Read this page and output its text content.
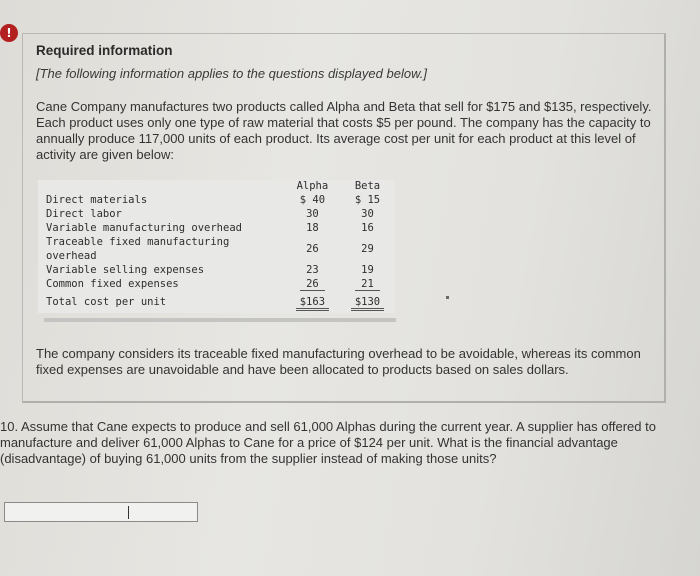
!
Required information

[The following information applies to the questions displayed below.]

Cane Company manufactures two products called Alpha and Beta that sell for $175 and $135, respectively. Each product uses only one type of raw material that costs $5 per pound. The company has the capacity to annually produce 117,000 units of each product. Its average cost per unit for each product at this level of activity are given below:

	Alpha	Beta
Direct materials	$ 40	$ 15
Direct labor	30	30
Variable manufacturing overhead	18	16
Traceable fixed manufacturing overhead	26	29
Variable selling expenses	23	19
Common fixed expenses	26	21
Total cost per unit	$163	$130

The company considers its traceable fixed manufacturing overhead to be avoidable, whereas its common fixed expenses are unavoidable and have been allocated to products based on sales dollars.

10. Assume that Cane expects to produce and sell 61,000 Alphas during the current year. A supplier has offered to manufacture and deliver 61,000 Alphas to Cane for a price of $124 per unit. What is the financial advantage (disadvantage) of buying 61,000 units from the supplier instead of making those units?
